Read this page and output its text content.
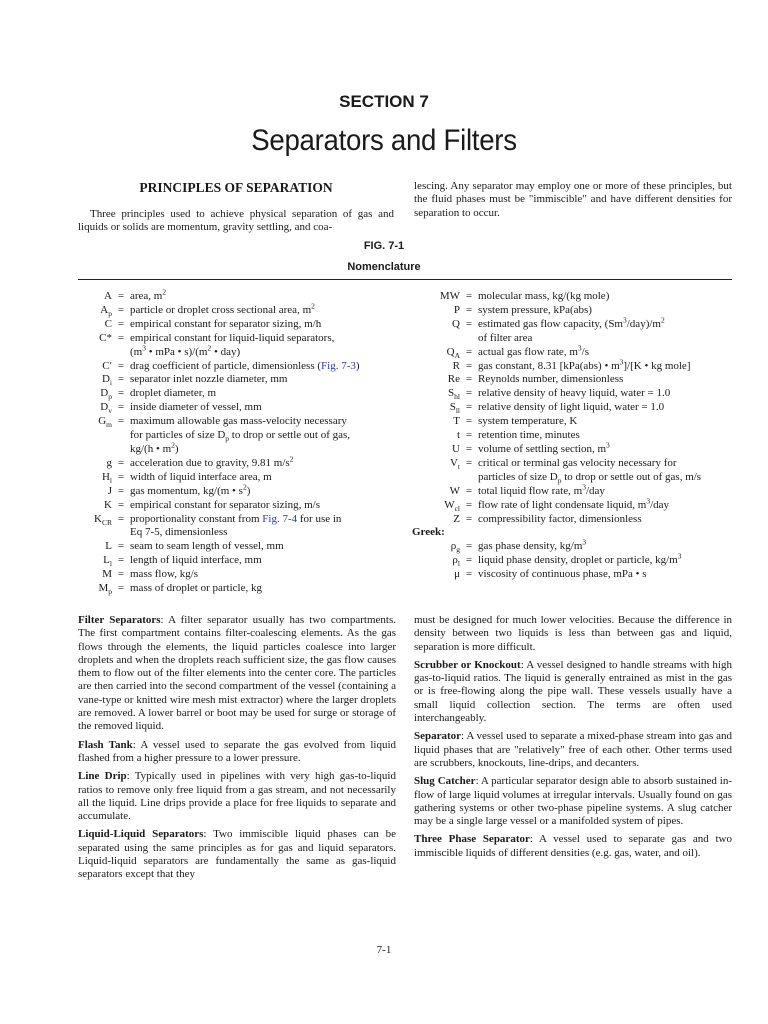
SECTION 7
Separators and Filters
PRINCIPLES OF SEPARATION
Three principles used to achieve physical separation of gas and liquids or solids are momentum, gravity settling, and coa-
lescing. Any separator may employ one or more of these principles, but the fluid phases must be "immiscible" and have different densities for separation to occur.
FIG. 7-1
Nomenclature
A = area, $m^2$
$A_p$ = particle or droplet cross sectional area, $m^2$
C = empirical constant for separator sizing, m/h
C* = empirical constant for liquid-liquid separators,
($m^3$ • mPa • $s)/(m^2$ • day)
C′ = drag coefficient of particle, dimensionless (Fig. 7-3)
$D_i$ = separator inlet nozzle diameter, mm
$D_p$ = droplet diameter, m
$D_v$ = inside diameter of vessel, mm
$G_m$ = maximum allowable gas mass-velocity necessary
for particles of size $D_p$ to drop or settle out of gas,
kg/(h • $m^2$)
g = acceleration due to gravity, 9.81 $m/s^2$
$H_l$ = width of liquid interface area, m
J = gas momentum, kg/(m • $s^2$)
K = empirical constant for separator sizing, m/s
$K_{CR}$ = proportionality constant from Fig. 7-4 for use in
Eq 7-5, dimensionless
L = seam to seam length of vessel, mm
$L_l$ = length of liquid interface, mm
M = mass flow, kg/s
$M_p$ = mass of droplet or particle, kg
MW = molecular mass, kg/(kg mole)
P = system pressure, kPa(abs)
Q = estimated gas flow capacity, $(Sm^3/day)/m^2$
of filter area
$Q_A$ = actual gas flow rate, $m^3/s$
R = gas constant, 8.31 [kPa(abs) • $m^3]/[K$ • kg mole]
Re = Reynolds number, dimensionless
$S_{hl}$ = relative density of heavy liquid, water = 1.0
$S_{ll}$ = relative density of light liquid, water = 1.0
T = system temperature, K
t = retention time, minutes
U = volume of settling section, $m^3$
$V_t$ = critical or terminal gas velocity necessary for
particles of size $D_p$ to drop or settle out of gas, m/s
W = total liquid flow rate, $m^3$/day
$W_{cl}$ = flow rate of light condensate liquid, $m^3$/day
Z = compressibility factor, dimensionless
Greek:
$\rho_g$ = gas phase density, $kg/m^3$
$\rho_l$ = liquid phase density, droplet or particle, $kg/m^3$
μ = viscosity of continuous phase, mPa • s

Filter Separators: A filter separator usually has two compartments. The first compartment contains filter-coalescing elements. As the gas flows through the elements, the liquid particles coalesce into larger droplets and when the droplets reach sufficient size, the gas flow causes them to flow out of the filter elements into the center core. The particles are then carried into the second compartment of the vessel (containing a vane-type or knitted wire mesh mist extractor) where the larger droplets are removed. A lower barrel or boot may be used for surge or storage of the removed liquid.

Flash Tank: A vessel used to separate the gas evolved from liquid flashed from a higher pressure to a lower pressure.

Line Drip: Typically used in pipelines with very high gas-to-liquid ratios to remove only free liquid from a gas stream, and not necessarily all the liquid. Line drips provide a place for free liquids to separate and accumulate.

Liquid-Liquid Separators: Two immiscible liquid phases can be separated using the same principles as for gas and liquid separators. Liquid-liquid separators are fundamentally the same as gas-liquid separators except that they

must be designed for much lower velocities. Because the difference in density between two liquids is less than between gas and liquid, separation is more difficult.

Scrubber or Knockout: A vessel designed to handle streams with high gas-to-liquid ratios. The liquid is generally entrained as mist in the gas or is free-flowing along the pipe wall. These vessels usually have a small liquid collection section. The terms are often used interchangeably.

Separator: A vessel used to separate a mixed-phase stream into gas and liquid phases that are "relatively" free of each other. Other terms used are scrubbers, knockouts, line-drips, and decanters.

Slug Catcher: A particular separator design able to absorb sustained in-flow of large liquid volumes at irregular intervals. Usually found on gas gathering systems or other two-phase pipeline systems. A slug catcher may be a single large vessel or a manifolded system of pipes.

Three Phase Separator: A vessel used to separate gas and two immiscible liquids of different densities (e.g. gas, water, and oil).

7-1
